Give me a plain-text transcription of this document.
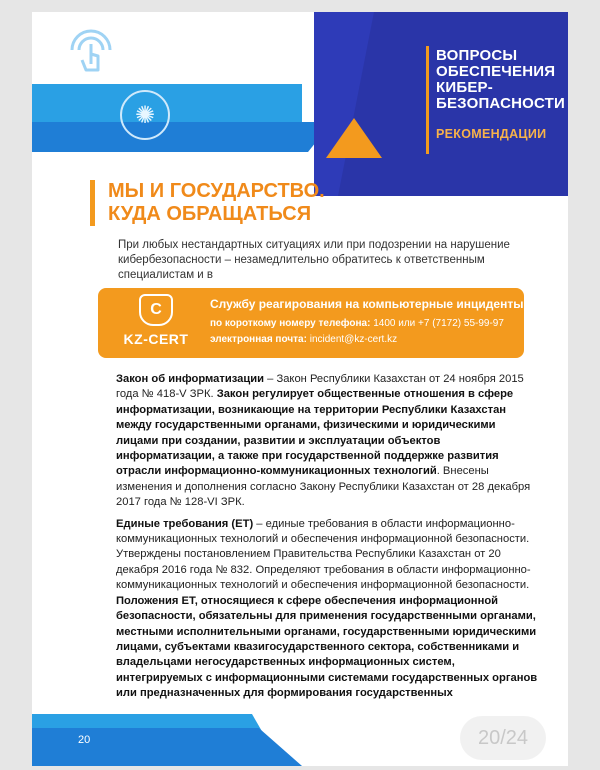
✺
ВОПРОСЫ ОБЕСПЕЧЕНИЯ КИБЕР-БЕЗОПАСНОСТИ
РЕКОМЕНДАЦИИ
МЫ И ГОСУДАРСТВО. КУДА ОБРАЩАТЬСЯ
При любых нестандартных ситуациях или при подозрении на нарушение кибербезопасности – незамедлительно обратитесь к ответственным специалистам и в
C
KZ-CERT
Службу реагирования на компьютерные инциденты
по короткому номеру телефона: 1400 или +7 (7172) 55-99-97
электронная почта: incident@kz-cert.kz

Закон об информатизации – Закон Республики Казахстан от 24 ноября 2015 года № 418-V ЗРК. Закон регулирует общественные отношения в сфере информатизации, возникающие на территории Республики Казахстан между государственными органами, физическими и юридическими лицами при создании, развитии и эксплуатации объектов информатизации, а также при государственной поддержке развития отрасли информационно-коммуникационных технологий. Внесены изменения и дополнения согласно Закону Республики Казахстан от 28 декабря 2017 года № 128-VI ЗРК.

Единые требования (ЕТ) – единые требования в области информационно-коммуникационных технологий и обеспечения информационной безопасности. Утверждены постановлением Правительства Республики Казахстан от 20 декабря 2016 года № 832. Определяют требования в области информационно-коммуникационных технологий и обеспечения информационной безопасности. Положения ЕТ, относящиеся к сфере обеспечения информационной безопасности, обязательны для применения государственными органами, местными исполнительными органами, государственными юридическими лицами, субъектами квазигосударственного сектора, собственниками и владельцами негосударственных информационных систем, интегрируемых с информационными системами государственных органов или предназначенных для формирования государственных

20	20/24
